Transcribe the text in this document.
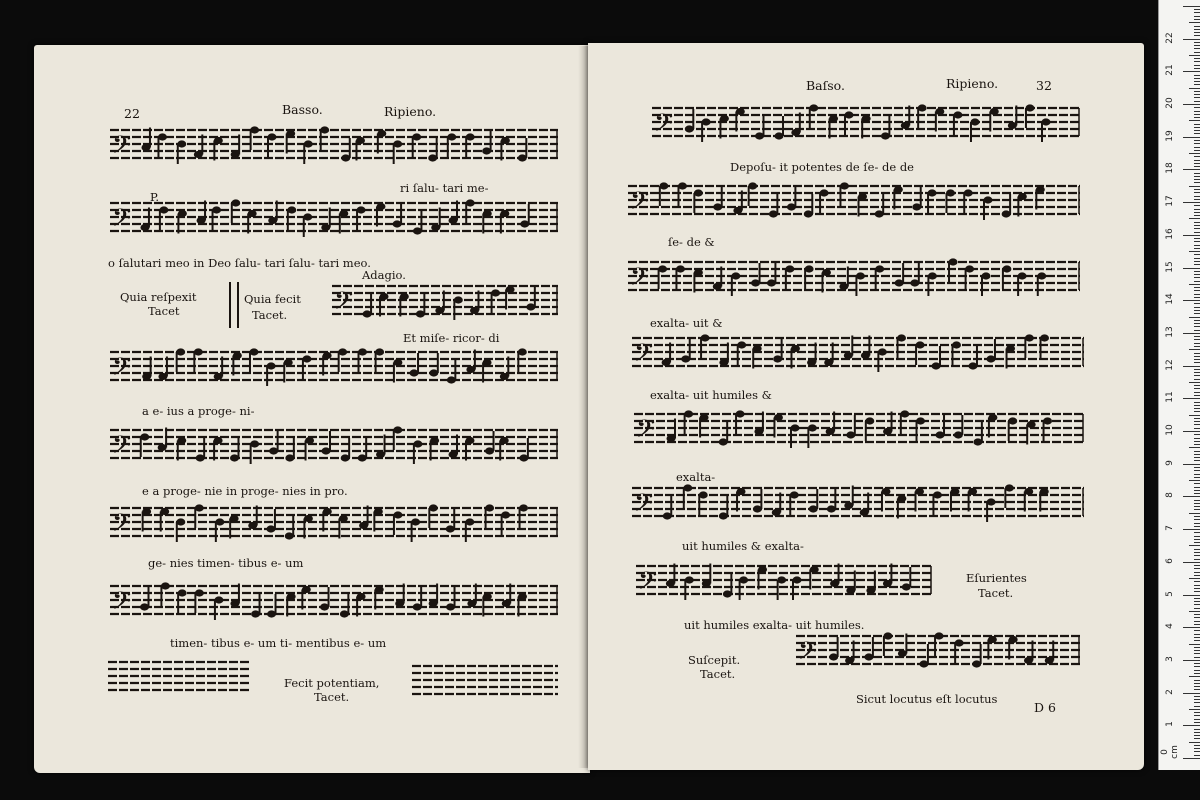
22	Basso.	Ripieno.
P.
ri ſalu- tari me-
o ſalutari meo in Deo ſalu- tari ſalu- tari meo.
Adagio.
Et miſe- ricor- di
a e- ius a proge- ni-
e a proge- nie in proge- nies in pro.
ge- nies timen- tibus e- um
timen- tibus e- um ti- mentibus e- um
Quia reſpexit
Tacet
Quia fecit
Tacet.
Fecit potentiam,
Tacet.
Baſso.	Ripieno.	32
Depoſu- it potentes de ſe- de de
ſe- de &
exalta- uit &
exalta- uit humiles &
exalta-
uit humiles & exalta-
uit humiles exalta- uit humiles.
Sicut locutus eſt locutus
D 6
Eſurientes
Tacet.
Suſcepit.
Tacet.
𝄢
𝄢
𝄢
𝄢
𝄢
𝄢
𝄢
𝄢
𝄢
𝄢
𝄢
𝄢
𝄢
𝄢
𝄢
0 cm
1
2
3
4
5
6
7
8
9
10
11
12
13
14
15
16
17
18
19
20
21
22
